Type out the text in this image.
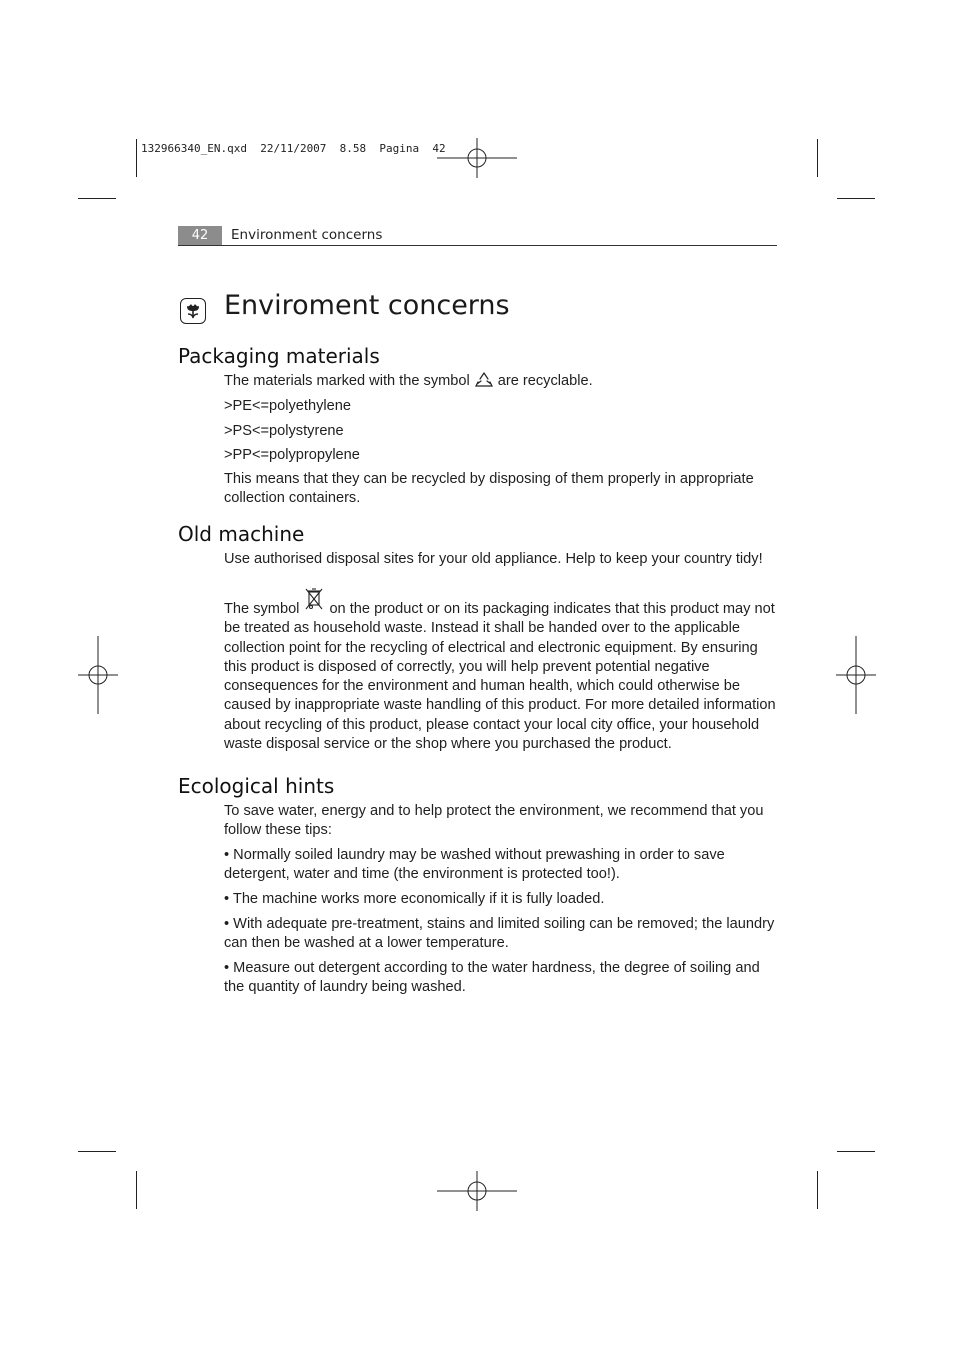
132966340_EN.qxd  22/11/2007  8.58  Pagina  42
42	Environment concerns
Enviroment concerns
Packaging materials

The materials marked with the symbol are recyclable.

>PE<=polyethylene

>PS<=polystyrene

>PP<=polypropylene

This means that they can be recycled by disposing of them properly in appropriate collection containers.

Old machine

Use authorised disposal sites for your old appliance. Help to keep your country tidy!

The symbol on the product or on its packaging indicates that this product may not be treated as household waste. Instead it shall be handed over to the applicable collection point for the recycling of electrical and electronic equipment. By ensuring this product is disposed of correctly, you will help prevent potential negative consequences for the environment and human health, which could otherwise be caused by inappropriate waste handling of this product. For more detailed information about recycling of this product, please contact your local city office, your household waste disposal service or the shop where you purchased the product.

Ecological hints

To save water, energy and to help protect the environment, we recommend that you follow these tips:

• Normally soiled laundry may be washed without prewashing in order to save detergent, water and time (the environment is protected too!).

• The machine works more economically if it is fully loaded.

• With adequate pre-treatment, stains and limited soiling can be removed; the laundry can then be washed at a lower temperature.

• Measure out detergent according to the water hardness, the degree of soiling and the quantity of laundry being washed.
